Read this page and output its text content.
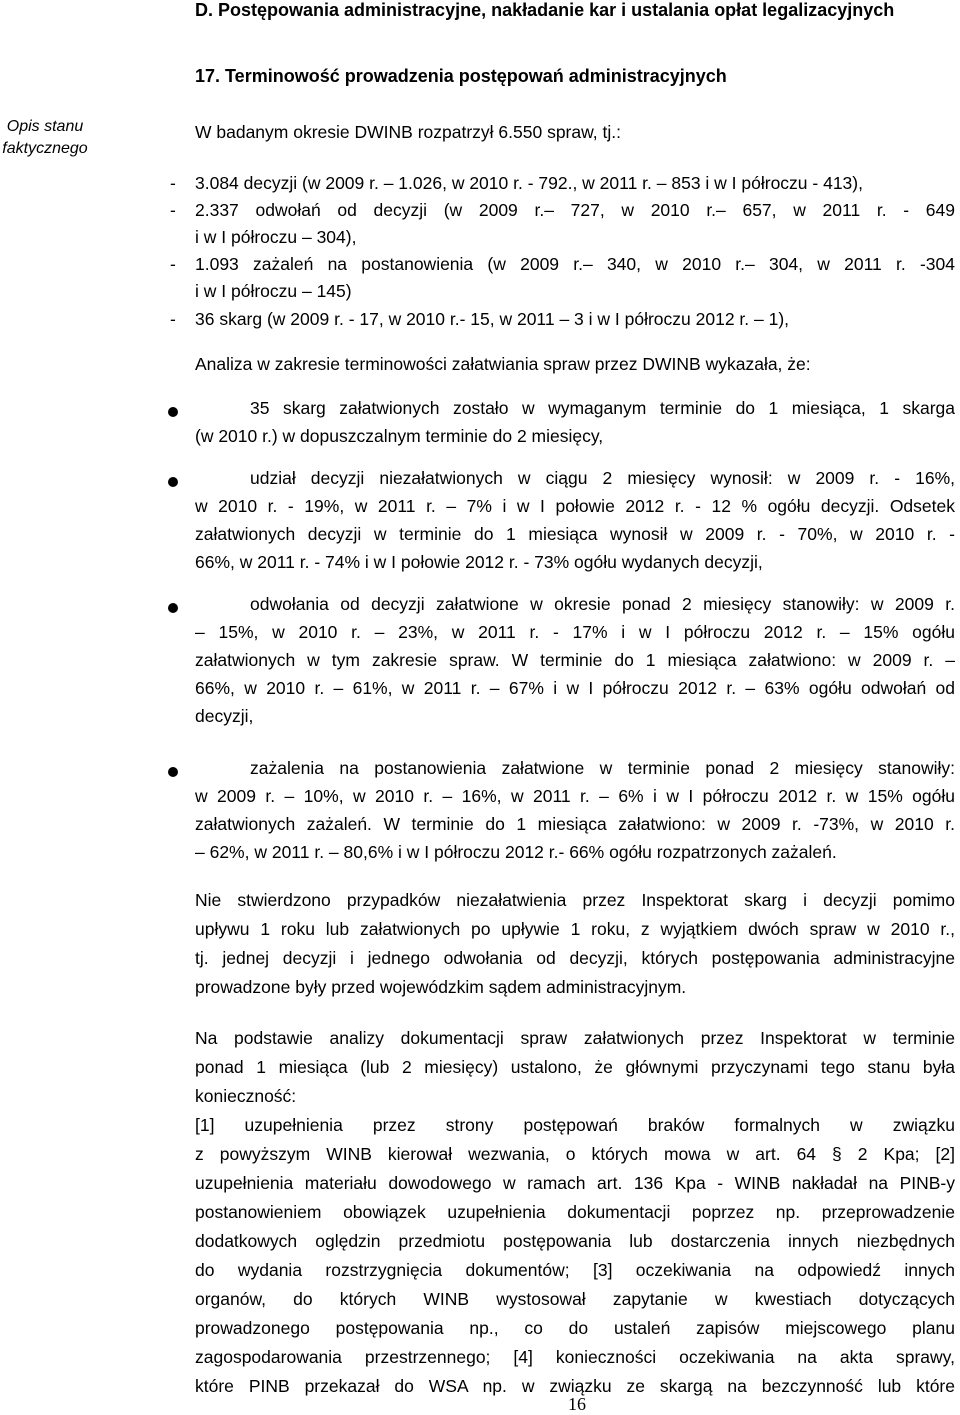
D. Postępowania administracyjne, nakładanie kar i ustalania opłat legalizacyjnych
17. Terminowość prowadzenia postępowań administracyjnych
Opis stanu faktycznego
W badanym okresie DWINB rozpatrzył 6.550 spraw, tj.:
- 3.084 decyzji (w 2009 r. – 1.026, w 2010 r. - 792., w 2011 r. – 853 i w I półroczu - 413),
- 2.337 odwołań od decyzji (w 2009 r.– 727, w 2010 r.– 657, w 2011 r. - 649
i w I półroczu – 304),
- 1.093 zażaleń na postanowienia (w 2009 r.– 340, w 2010 r.– 304, w 2011 r. -304
i w I półroczu – 145)
- 36 skarg (w 2009 r. - 17, w 2010 r.- 15, w 2011 – 3 i w I półroczu 2012 r. – 1),
Analiza w zakresie terminowości załatwiania spraw przez DWINB wykazała, że:
35 skarg załatwionych zostało w wymaganym terminie do 1 miesiąca, 1 skarga
(w 2010 r.) w dopuszczalnym terminie do 2 miesięcy,
udział decyzji niezałatwionych w ciągu 2 miesięcy wynosił: w 2009 r. - 16%,
w 2010 r. - 19%, w 2011 r. – 7% i w I połowie 2012 r. - 12 % ogółu decyzji. Odsetek
załatwionych decyzji w terminie do 1 miesiąca wynosił w 2009 r. - 70%, w 2010 r. -
66%, w 2011 r. - 74% i w I połowie 2012 r. - 73% ogółu wydanych decyzji,
odwołania od decyzji załatwione w okresie ponad 2 miesięcy stanowiły: w 2009 r.
– 15%, w 2010 r. – 23%, w 2011 r. - 17% i w I półroczu 2012 r. – 15% ogółu
załatwionych w tym zakresie spraw. W terminie do 1 miesiąca załatwiono: w 2009 r. –
66%, w 2010 r. – 61%, w 2011 r. – 67% i w I półroczu 2012 r. – 63% ogółu odwołań od
decyzji,
zażalenia na postanowienia załatwione w terminie ponad 2 miesięcy stanowiły:
w 2009 r. – 10%, w 2010 r. – 16%, w 2011 r. – 6% i w I półroczu 2012 r. w 15% ogółu
załatwionych zażaleń. W terminie do 1 miesiąca załatwiono: w 2009 r. -73%, w 2010 r.
– 62%, w 2011 r. – 80,6% i w I półroczu 2012 r.- 66% ogółu rozpatrzonych zażaleń.
Nie stwierdzono przypadków niezałatwienia przez Inspektorat skarg i decyzji pomimo
upływu 1 roku lub załatwionych po upływie 1 roku, z wyjątkiem dwóch spraw w 2010 r.,
tj. jednej decyzji i jednego odwołania od decyzji, których postępowania administracyjne
prowadzone były przed wojewódzkim sądem administracyjnym.
Na podstawie analizy dokumentacji spraw załatwionych przez Inspektorat w terminie
ponad 1 miesiąca (lub 2 miesięcy) ustalono, że głównymi przyczynami tego stanu była
konieczność:
[1] uzupełnienia przez strony postępowań braków formalnych w związku
z powyższym WINB kierował wezwania, o których mowa w art. 64 § 2 Kpa; [2]
uzupełnienia materiału dowodowego w ramach art. 136 Kpa - WINB nakładał na PINB-y
postanowieniem obowiązek uzupełnienia dokumentacji poprzez np. przeprowadzenie
dodatkowych oględzin przedmiotu postępowania lub dostarczenia innych niezbędnych
do wydania rozstrzygnięcia dokumentów; [3] oczekiwania na odpowiedź innych
organów, do których WINB wystosował zapytanie w kwestiach dotyczących
prowadzonego postępowania np., co do ustaleń zapisów miejscowego planu
zagospodarowania przestrzennego; [4] konieczności oczekiwania na akta sprawy,
które PINB przekazał do WSA np. w związku ze skargą na bezczynność lub które
16
